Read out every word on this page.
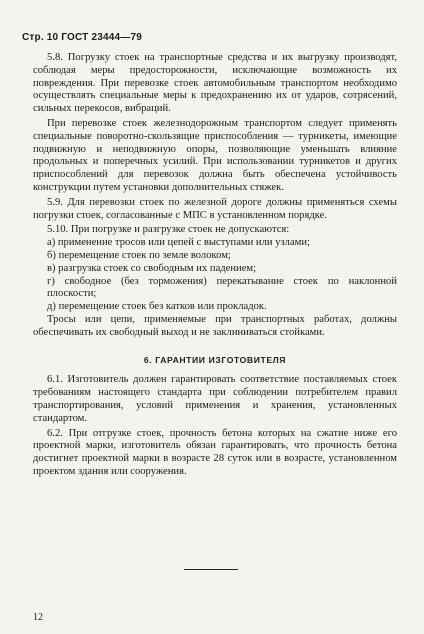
Стр. 10 ГОСТ 23444—79

5.8. Погрузку стоек на транспортные средства и их выгрузку производят, соблюдая меры предосторожности, исключающие возможность их повреждения. При перевозке стоек автомобильным транспортом необходимо осуществлять специальные меры к предохранению их от ударов, сотрясений, сильных перекосов, вибраций.

При перевозке стоек железнодорожным транспортом следует применять специальные поворотно-скользящие приспособления — турникеты, имеющие подвижную и неподвижную опоры, позволяющие уменьшать влияние продольных и поперечных усилий. При использовании турникетов и других приспособлений для перевозок должна быть обеспечена устойчивость конструкции путем установки дополнительных стяжек.

5.9. Для перевозки стоек по железной дороге должны применяться схемы погрузки стоек, согласованные с МПС в установленном порядке.

5.10. При погрузке и разгрузке стоек не допускаются:

а) применение тросов или цепей с выступами или узлами;

б) перемещение стоек по земле волоком;

в) разгрузка стоек со свободным их падением;

г) свободное (без торможения) перекатывание стоек по наклонной плоскости;

д) перемещение стоек без катков или прокладок.

Тросы или цепи, применяемые при транспортных работах, должны обеспечивать их свободный выход и не заклиниваться стойками.

6. ГАРАНТИИ ИЗГОТОВИТЕЛЯ

6.1. Изготовитель должен гарантировать соответствие поставляемых стоек требованиям настоящего стандарта при соблюдении потребителем правил транспортирования, условий применения и хранения, установленных стандартом.

6.2. При отгрузке стоек, прочность бетона которых на сжатие ниже его проектной марки, изготовитель обязан гарантировать, что прочность бетона достигнет проектной марки в возрасте 28 суток или в возрасте, установленном проектом здания или сооружения.

12
